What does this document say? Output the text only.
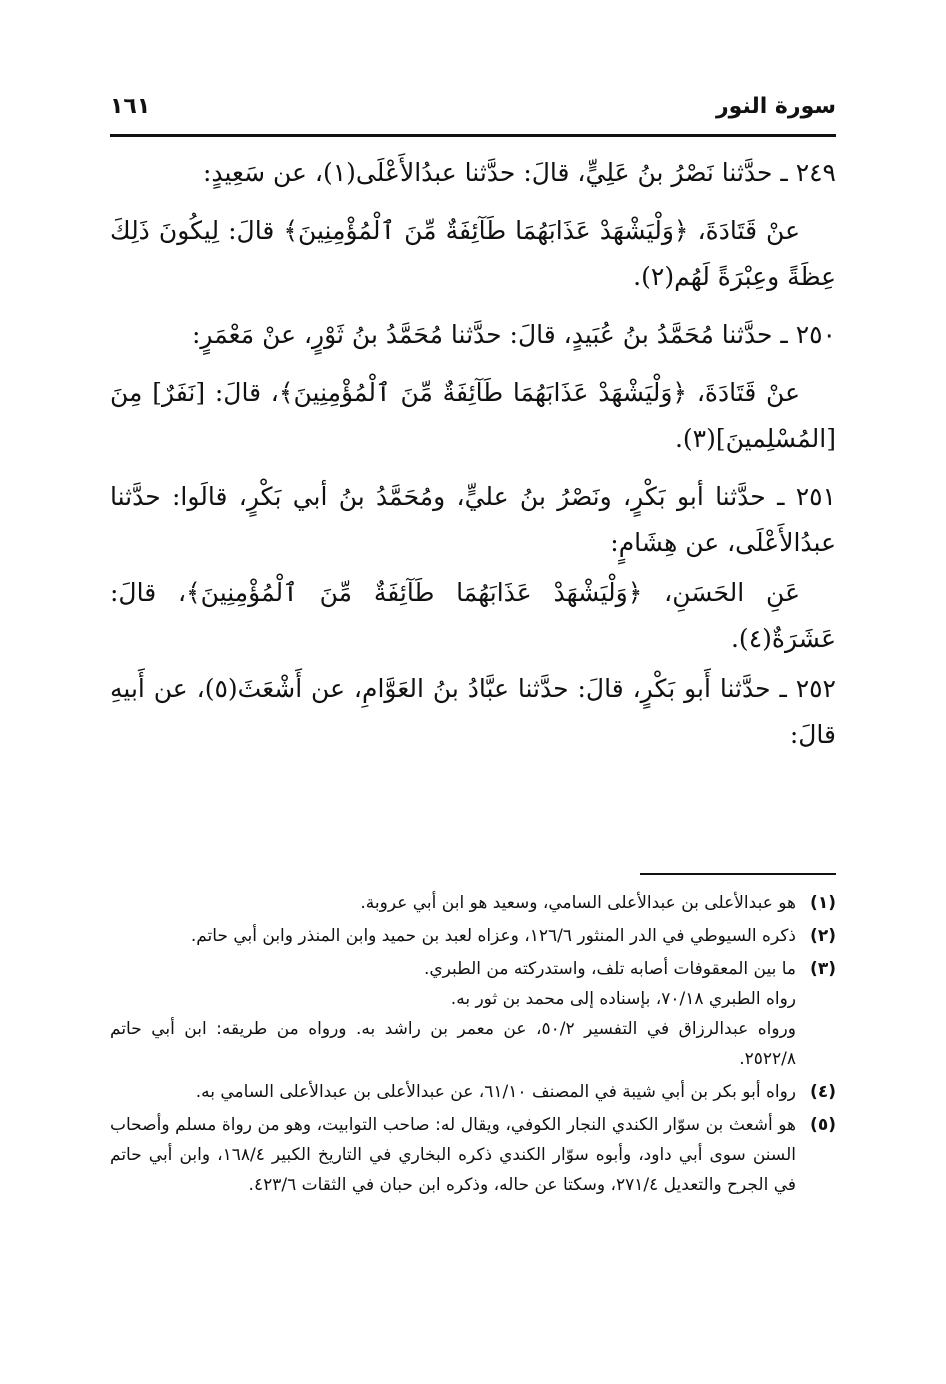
سورة النور
١٦١

٢٤٩ ـ حدَّثنا نَصْرُ بنُ عَلِيٍّ، قالَ: حدَّثنا عبدُالأَعْلَى(١)، عن سَعِيدٍ:

عنْ قَتَادَةَ، ﴿وَلْيَشْهَدْ عَذَابَهُمَا طَآئِفَةٌ مِّنَ ٱلْمُؤْمِنِينَ﴾ قالَ: لِيكُونَ ذَلِكَ عِظَةً وعِبْرَةً لَهُم(٢).

٢٥٠ ـ حدَّثنا مُحَمَّدُ بنُ عُبَيدٍ، قالَ: حدَّثنا مُحَمَّدُ بنُ ثَوْرٍ، عنْ مَعْمَرٍ:

عنْ قَتَادَةَ، ﴿وَلْيَشْهَدْ عَذَابَهُمَا طَآئِفَةٌ مِّنَ ٱلْمُؤْمِنِينَ﴾، قالَ: [نَفَرٌ] مِنَ [المُسْلِمينَ](٣).

٢٥١ ـ حدَّثنا أبو بَكْرٍ، ونَصْرُ بنُ عليٍّ، ومُحَمَّدُ بنُ أبي بَكْرٍ، قالَوا: حدَّثنا عبدُالأَعْلَى، عن هِشَامٍ:

عَنِ الحَسَنِ، ﴿وَلْيَشْهَدْ عَذَابَهُمَا طَآئِفَةٌ مِّنَ ٱلْمُؤْمِنِينَ﴾، قالَ: عَشَرَةٌ(٤).

٢٥٢ ـ حدَّثنا أَبو بَكْرٍ، قالَ: حدَّثنا عبَّادُ بنُ العَوَّامِ، عن أَشْعَثَ(٥)، عن أَبيهِ قالَ:

(١)

هو عبدالأعلى بن عبدالأعلى السامي، وسعيد هو ابن أبي عروبة.

(٢)

ذكره السيوطي في الدر المنثور ١٢٦/٦، وعزاه لعبد بن حميد وابن المنذر وابن أبي حاتم.

(٣)

ما بين المعقوفات أصابه تلف، واستدركته من الطبري.

رواه الطبري ٧٠/١٨، بإسناده إلى محمد بن ثور به.

ورواه عبدالرزاق في التفسير ٥٠/٢، عن معمر بن راشد به. ورواه من طريقه: ابن أبي حاتم ٢٥٢٢/٨.

(٤)

رواه أبو بكر بن أبي شيبة في المصنف ٦١/١٠، عن عبدالأعلى بن عبدالأعلى السامي به.

(٥)

هو أشعث بن سوّار الكندي النجار الكوفي، ويقال له: صاحب التوابيت، وهو من رواة مسلم وأصحاب السنن سوى أبي داود، وأبوه سوّار الكندي ذكره البخاري في التاريخ الكبير ١٦٨/٤، وابن أبي حاتم في الجرح والتعديل ٢٧١/٤، وسكتا عن حاله، وذكره ابن حبان في الثقات ٤٢٣/٦.
